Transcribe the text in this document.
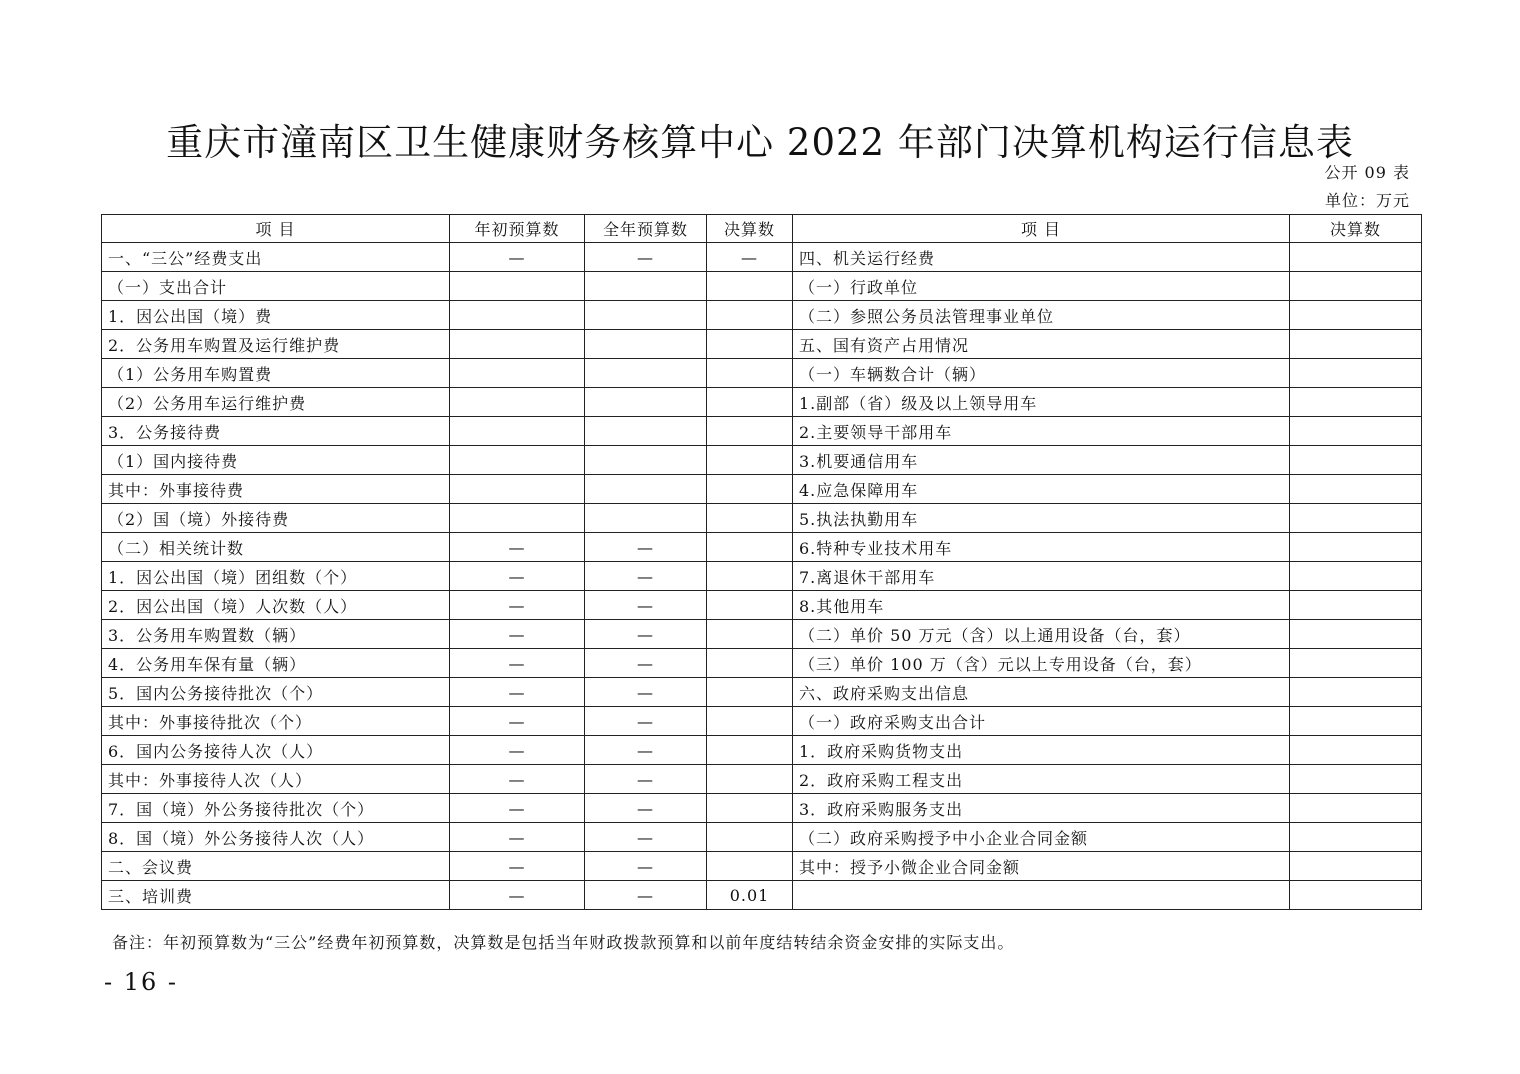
重庆市潼南区卫生健康财务核算中心 2022 年部门决算机构运行信息表
公开 09 表
单位：万元
项 目	年初预算数	全年预算数	决算数	项 目	决算数
一、“三公”经费支出	—	—	—	四、机关运行经费	
（一）支出合计				（一）行政单位	
1．因公出国（境）费				（二）参照公务员法管理事业单位	
2．公务用车购置及运行维护费				五、国有资产占用情况	
（1）公务用车购置费				（一）车辆数合计（辆）	
（2）公务用车运行维护费				1.副部（省）级及以上领导用车	
3．公务接待费				2.主要领导干部用车	
（1）国内接待费				3.机要通信用车	
其中：外事接待费				4.应急保障用车	
（2）国（境）外接待费				5.执法执勤用车	
（二）相关统计数	—	—		6.特种专业技术用车	
1．因公出国（境）团组数（个）	—	—		7.离退休干部用车	
2．因公出国（境）人次数（人）	—	—		8.其他用车	
3．公务用车购置数（辆）	—	—		（二）单价 50 万元（含）以上通用设备（台，套）	
4．公务用车保有量（辆）	—	—		（三）单价 100 万（含）元以上专用设备（台，套）	
5．国内公务接待批次（个）	—	—		六、政府采购支出信息	
其中：外事接待批次（个）	—	—		（一）政府采购支出合计	
6．国内公务接待人次（人）	—	—		1．政府采购货物支出	
其中：外事接待人次（人）	—	—		2．政府采购工程支出	
7．国（境）外公务接待批次（个）	—	—		3．政府采购服务支出	
8．国（境）外公务接待人次（人）	—	—		（二）政府采购授予中小企业合同金额	
二、会议费	—	—		其中：授予小微企业合同金额	
三、培训费	—	—	0.01		
备注：年初预算数为“三公”经费年初预算数，决算数是包括当年财政拨款预算和以前年度结转结余资金安排的实际支出。
- 16 -
